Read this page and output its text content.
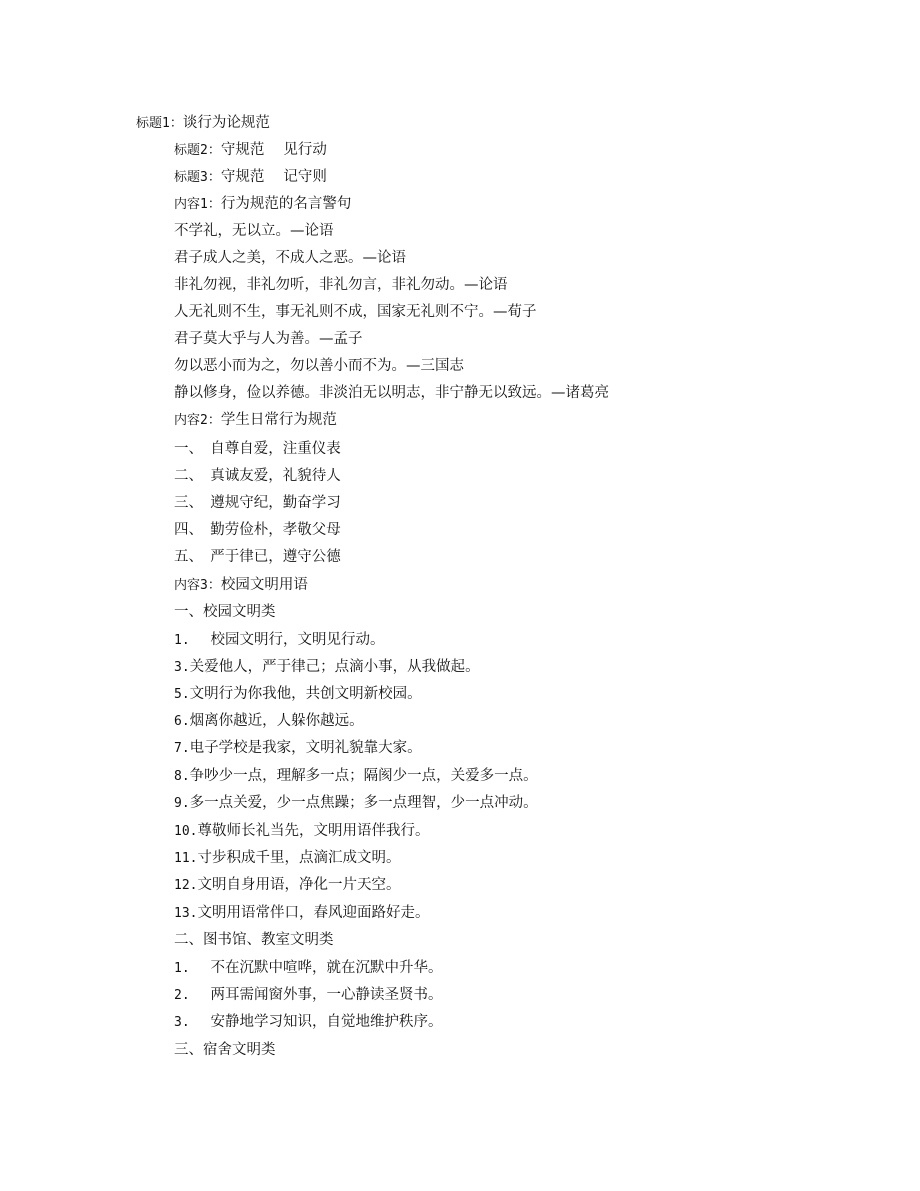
标题1：谈行为论规范
标题2：守规范　 见行动
标题3：守规范　 记守则
内容1：行为规范的名言警句
不学礼，无以立。—论语
君子成人之美，不成人之恶。—论语
非礼勿视，非礼勿听，非礼勿言，非礼勿动。—论语
人无礼则不生，事无礼则不成，国家无礼则不宁。—荀子
君子莫大乎与人为善。—孟子
勿以恶小而为之，勿以善小而不为。—三国志
静以修身，俭以养德。非淡泊无以明志，非宁静无以致远。—诸葛亮
内容2：学生日常行为规范
一、　自尊自爱，注重仪表
二、　真诚友爱，礼貌待人
三、　遵规守纪，勤奋学习
四、　勤劳俭朴，孝敬父母
五、　严于律已，遵守公德
内容3：校园文明用语
一、校园文明类
1.　 校园文明行，文明见行动。
3.关爱他人，严于律己；点滴小事，从我做起。
5.文明行为你我他，共创文明新校园。
6.烟离你越近，人躲你越远。
7.电子学校是我家，文明礼貌靠大家。
8.争吵少一点，理解多一点；隔阂少一点，关爱多一点。
9.多一点关爱，少一点焦躁；多一点理智，少一点冲动。
10.尊敬师长礼当先，文明用语伴我行。
11.寸步积成千里，点滴汇成文明。
12.文明自身用语，净化一片天空。
13.文明用语常伴口，春风迎面路好走。
二、图书馆、教室文明类
1.　 不在沉默中喧哗，就在沉默中升华。
2.　 两耳需闻窗外事，一心静读圣贤书。
3.　 安静地学习知识，自觉地维护秩序。
三、宿舍文明类
